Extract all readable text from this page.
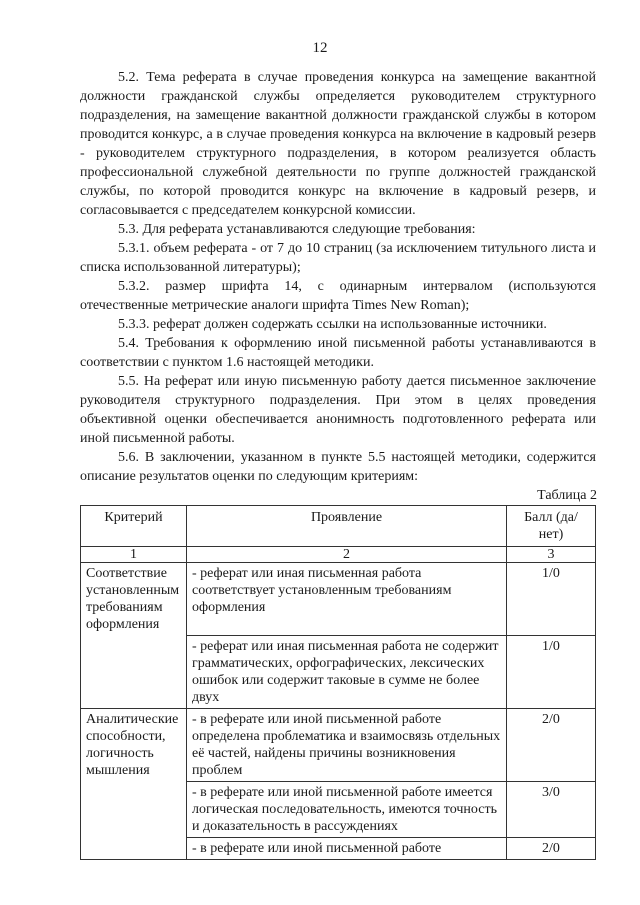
12

5.2. Тема реферата в случае проведения конкурса на замещение вакантной должности гражданской службы определяется руководителем структурного подразделения, на замещение вакантной должности гражданской службы в котором проводится конкурс, а в случае проведения конкурса на включение в кадровый резерв - руководителем структурного подразделения, в котором реализуется область профессиональной служебной деятельности по группе должностей гражданской службы, по которой проводится конкурс на включение в кадровый резерв, и согласовывается с председателем конкурсной комиссии.

5.3. Для реферата устанавливаются следующие требования:

5.3.1. объем реферата - от 7 до 10 страниц (за исключением титульного листа и списка использованной литературы);

5.3.2. размер шрифта 14, с одинарным интервалом (используются отечественные метрические аналоги шрифта Times New Roman);

5.3.3. реферат должен содержать ссылки на использованные источники.

5.4. Требования к оформлению иной письменной работы устанавливаются в соответствии с пунктом 1.6 настоящей методики.

5.5. На реферат или иную письменную работу дается письменное заключение руководителя структурного подразделения. При этом в целях проведения объективной оценки обеспечивается анонимность подготовленного реферата или иной письменной работы.

5.6. В заключении, указанном в пункте 5.5 настоящей методики, содержится описание результатов оценки по следующим критериям:

Таблица 2
Критерий	Проявление	Балл (да/нет)
1	2	3
Соответствие установленным требованиям оформления	- реферат или иная письменная работа соответствует установленным требованиям оформления	1/0
	- реферат или иная письменная работа не содержит грамматических, орфографических, лексических ошибок или содержит таковые в сумме не более двух	1/0
Аналитические способности, логичность мышления	- в реферате или иной письменной работе определена проблематика и взаимосвязь отдельных её частей, найдены причины возникновения проблем	2/0
	- в реферате или иной письменной работе имеется логическая последовательность, имеются точность и доказательность в рассуждениях	3/0
	- в реферате или иной письменной работе	2/0
